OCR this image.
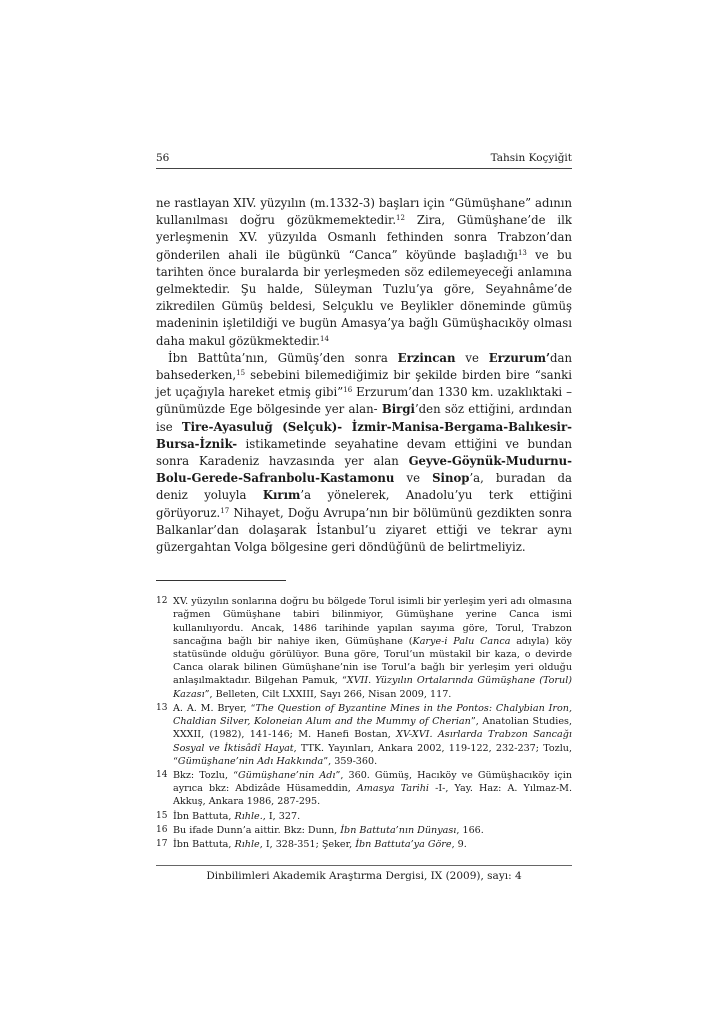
56	Tahsin Koçyiğit

ne rastlayan XIV. yüzyılın (m.1332-3) başları için “Gümüşhane” adının kullanılması doğru gözükmemektedir.$^{12}$ Zira, Gümüşhane’de ilk yerleşmenin XV. yüzyılda Osmanlı fethinden sonra Trabzon’dan gönderilen ahali ile bügünkü “Canca” köyünde başladığı$^{13}$ ve bu tarihten önce buralarda bir yerleşmeden söz edilemeyeceği anlamına gelmektedir. Şu halde, Süleyman Tuzlu’ya göre, Seyahnâme’de zikredilen Gümüş beldesi, Selçuklu ve Beylikler döneminde gümüş madeninin işletildiği ve bugün Amasya’ya bağlı Gümüşhacıköy olması daha makul gözükmektedir.$^{14}$

İbn Battûta’nın, Gümüş’den sonra Erzincan ve Erzurum’dan bahsederken,$^{15}$ sebebini bilemediğimiz bir şekilde birden bire “sanki jet uçağıyla hareket etmiş gibi”$^{16}$ Erzurum’dan 1330 km. uzaklıktaki –günümüzde Ege bölgesinde yer alan- Birgi’den söz ettiğini, ardından ise Tire-Ayasuluğ (Selçuk)- İzmir-Manisa-Bergama-Balıkesir-Bursa-İznik- istikametinde seyahatine devam ettiğini ve bundan sonra Karadeniz havzasında yer alan Geyve-Göynük-Mudurnu-Bolu-Gerede-Safranbolu-Kastamonu ve Sinop’a, buradan da deniz yoluyla Kırım’a yönelerek, Anadolu’yu terk ettiğini görüyoruz.$^{17}$ Nihayet, Doğu Avrupa’nın bir bölümünü gezdikten sonra Balkanlar’dan dolaşarak İstanbul’u ziyaret ettiği ve tekrar aynı güzergahtan Volga bölgesine geri döndüğünü de belirtmeliyiz.

12 XV. yüzyılın sonlarına doğru bu bölgede Torul isimli bir yerleşim yeri adı olmasına rağmen Gümüşhane tabiri bilinmiyor, Gümüşhane yerine Canca ismi kullanılıyordu. Ancak, 1486 tarihinde yapılan sayıma göre, Torul, Trabzon sancağına bağlı bir nahiye iken, Gümüşhane (Karye-i Palu Canca adıyla) köy statüsünde olduğu görülüyor. Buna göre, Torul’un müstakil bir kaza, o devirde Canca olarak bilinen Gümüşhane’nin ise Torul’a bağlı bir yerleşim yeri olduğu anlaşılmaktadır. Bilgehan Pamuk, “XVII. Yüzyılın Ortalarında Gümüşhane (Torul) Kazası”, Belleten, Cilt LXXIII, Sayı 266, Nisan 2009, 117.
13 A. A. M. Bryer, “The Question of Byzantine Mines in the Pontos: Chalybian Iron, Chaldian Silver, Koloneian Alum and the Mummy of Cherian”, Anatolian Studies, XXXII, (1982), 141-146; M. Hanefi Bostan, XV-XVI. Asırlarda Trabzon Sancağı Sosyal ve İktisâdî Hayat, TTK. Yayınları, Ankara 2002, 119-122, 232-237; Tozlu, “Gümüşhane’nin Adı Hakkında”, 359-360.
14 Bkz: Tozlu, “Gümüşhane’nin Adı”, 360. Gümüş, Hacıköy ve Gümüşhacıköy için ayrıca bkz: Abdizâde Hüsameddin, Amasya Tarihi -I-, Yay. Haz: A. Yılmaz-M. Akkuş, Ankara 1986, 287-295.
15 İbn Battuta, Rıhle., I, 327.
16 Bu ifade Dunn’a aittir. Bkz: Dunn, İbn Battuta’nın Dünyası, 166.
17 İbn Battuta, Rıhle, I, 328-351; Şeker, İbn Battuta’ya Göre, 9.
Dinbilimleri Akademik Araştırma Dergisi, IX (2009), sayı: 4
